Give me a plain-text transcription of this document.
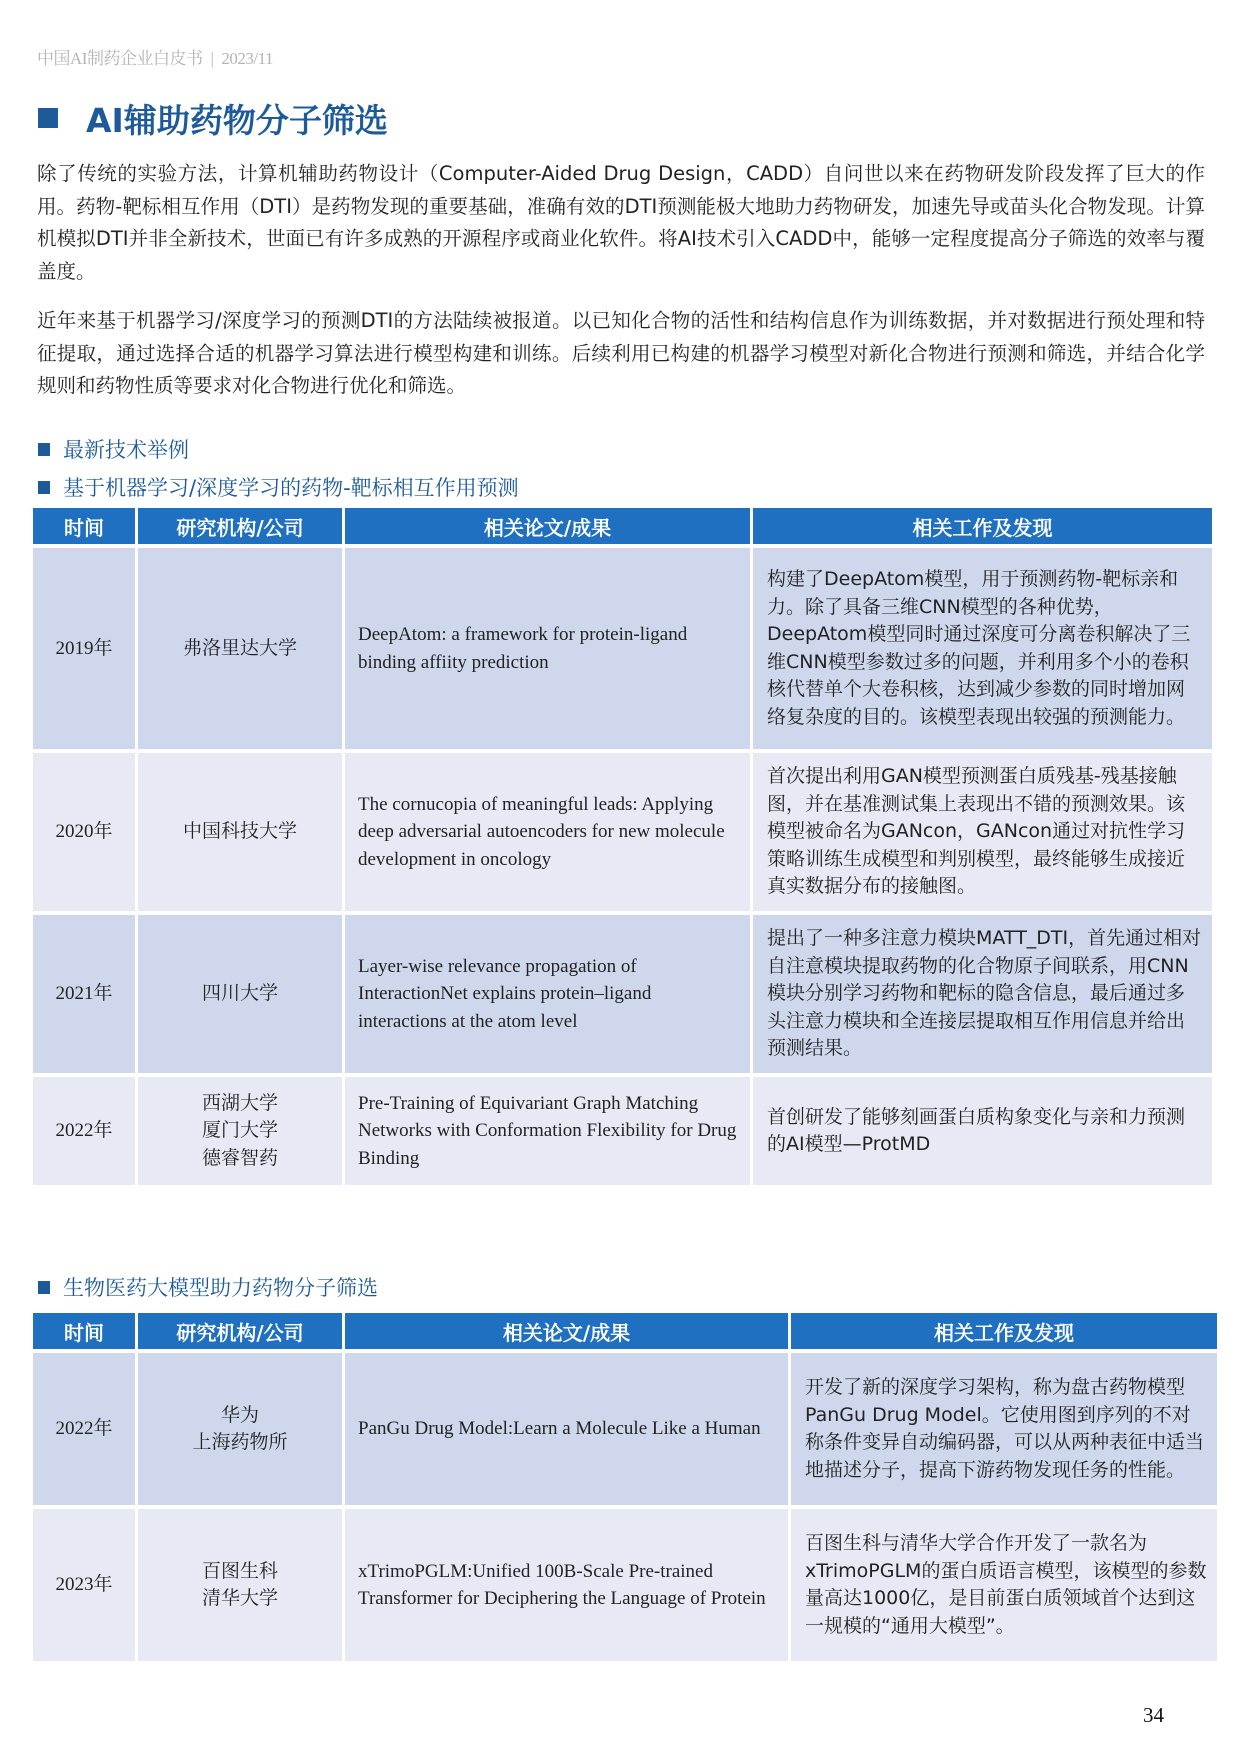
中国AI制药企业白皮书 | 2023/11
AI辅助药物分子筛选

除了传统的实验方法，计算机辅助药物设计（Computer-Aided Drug Design，CADD）自问世以来在药物研发阶段发挥了巨大的作用。药物-靶标相互作用（DTI）是药物发现的重要基础，准确有效的DTI预测能极大地助力药物研发，加速先导或苗头化合物发现。计算机模拟DTI并非全新技术，世面已有许多成熟的开源程序或商业化软件。将AI技术引入CADD中，能够一定程度提高分子筛选的效率与覆盖度。

近年来基于机器学习/深度学习的预测DTI的方法陆续被报道。以已知化合物的活性和结构信息作为训练数据，并对数据进行预处理和特征提取，通过选择合适的机器学习算法进行模型构建和训练。后续利用已构建的机器学习模型对新化合物进行预测和筛选，并结合化学规则和药物性质等要求对化合物进行优化和筛选。

最新技术举例
基于机器学习/深度学习的药物-靶标相互作用预测
时间	研究机构/公司	相关论文/成果	相关工作及发现
2019年	弗洛里达大学	DeepAtom: a framework for protein-ligand binding affiity prediction	构建了DeepAtom模型，用于预测药物-靶标亲和力。除了具备三维CNN模型的各种优势，DeepAtom模型同时通过深度可分离卷积解决了三维CNN模型参数过多的问题，并利用多个小的卷积核代替单个大卷积核，达到减少参数的同时增加网络复杂度的目的。该模型表现出较强的预测能力。
2020年	中国科技大学	The cornucopia of meaningful leads: Applying deep adversarial autoencoders for new molecule development in oncology	首次提出利用GAN模型预测蛋白质残基-残基接触图，并在基准测试集上表现出不错的预测效果。该模型被命名为GANcon，GANcon通过对抗性学习策略训练生成模型和判别模型，最终能够生成接近真实数据分布的接触图。
2021年	四川大学	Layer-wise relevance propagation of InteractionNet explains protein–ligand interactions at the atom level	提出了一种多注意力模块MATT_DTI，首先通过相对自注意模块提取药物的化合物原子间联系，用CNN模块分别学习药物和靶标的隐含信息，最后通过多头注意力模块和全连接层提取相互作用信息并给出预测结果。
2022年	西湖大学
厦门大学
德睿智药	Pre-Training of Equivariant Graph Matching Networks with Conformation Flexibility for Drug Binding	首创研发了能够刻画蛋白质构象变化与亲和力预测的AI模型—ProtMD
生物医药大模型助力药物分子筛选
时间	研究机构/公司	相关论文/成果	相关工作及发现
2022年	华为
上海药物所	PanGu Drug Model:Learn a Molecule Like a Human	开发了新的深度学习架构，称为盘古药物模型 PanGu Drug Model。它使用图到序列的不对称条件变异自动编码器，可以从两种表征中适当地描述分子，提高下游药物发现任务的性能。
2023年	百图生科
清华大学	xTrimoPGLM:Unified 100B-Scale Pre-trained Transformer for Deciphering the Language of Protein	百图生科与清华大学合作开发了一款名为xTrimoPGLM的蛋白质语言模型，该模型的参数量高达1000亿，是目前蛋白质领域首个达到这一规模的“通用大模型”。
34
